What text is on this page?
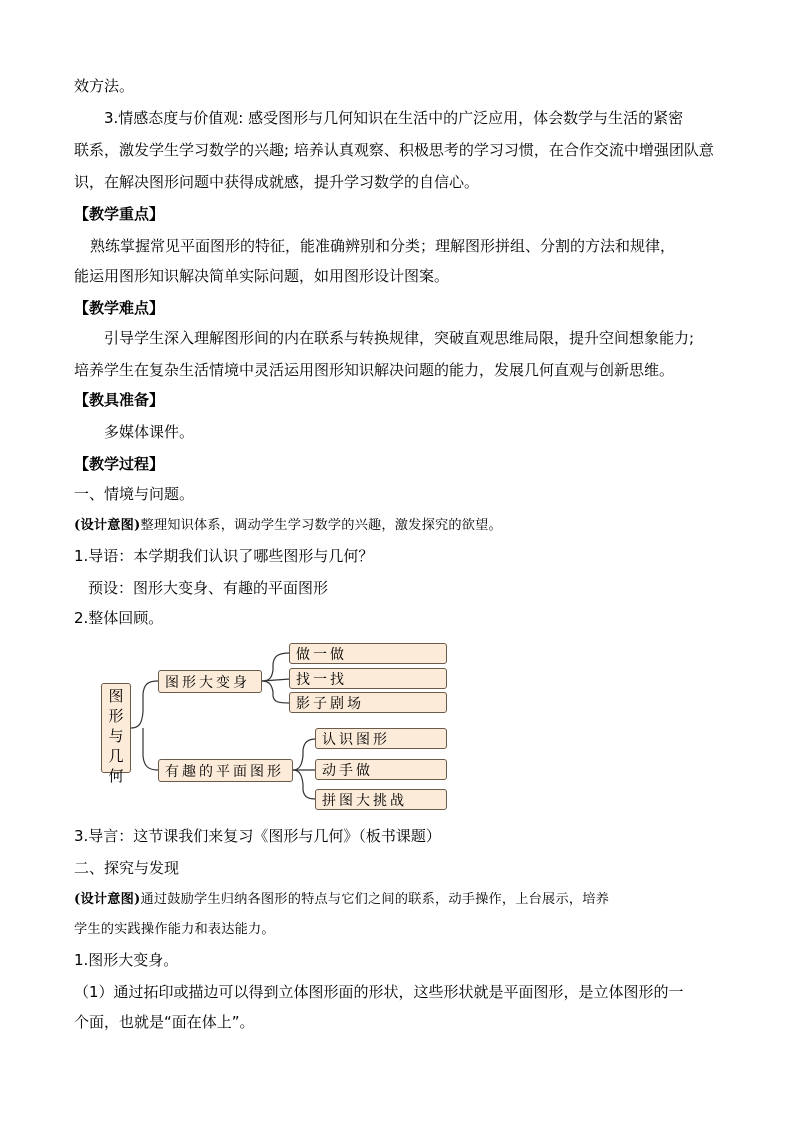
效方法。
3.情感态度与价值观: 感受图形与几何知识在生活中的广泛应用，体会数学与生活的紧密
联系，激发学生学习数学的兴趣; 培养认真观察、积极思考的学习习惯，在合作交流中增强团队意
识，在解决图形问题中获得成就感，提升学习数学的自信心。
【教学重点】
熟练掌握常见平面图形的特征，能准确辨别和分类；理解图形拼组、分割的方法和规律，
能运用图形知识解决简单实际问题，如用图形设计图案。
【教学难点】
引导学生深入理解图形间的内在联系与转换规律，突破直观思维局限，提升空间想象能力;
培养学生在复杂生活情境中灵活运用图形知识解决问题的能力，发展几何直观与创新思维。
【教具准备】
多媒体课件。
【教学过程】
一、情境与问题。
(设计意图)整理知识体系，调动学生学习数学的兴趣，激发探究的欲望。
1.导语：本学期我们认识了哪些图形与几何？
预设：图形大变身、有趣的平面图形
2.整体回顾。
图形与几何
图形大变身
做一做
找一找
影子剧场
有趣的平面图形
认识图形
动手做
拼图大挑战
3.导言：这节课我们来复习《图形与几何》（板书课题）
二、探究与发现
(设计意图)通过鼓励学生归纳各图形的特点与它们之间的联系，动手操作，上台展示，培养
学生的实践操作能力和表达能力。
1.图形大变身。
（1）通过拓印或描边可以得到立体图形面的形状，这些形状就是平面图形，是立体图形的一
个面，也就是“面在体上”。
